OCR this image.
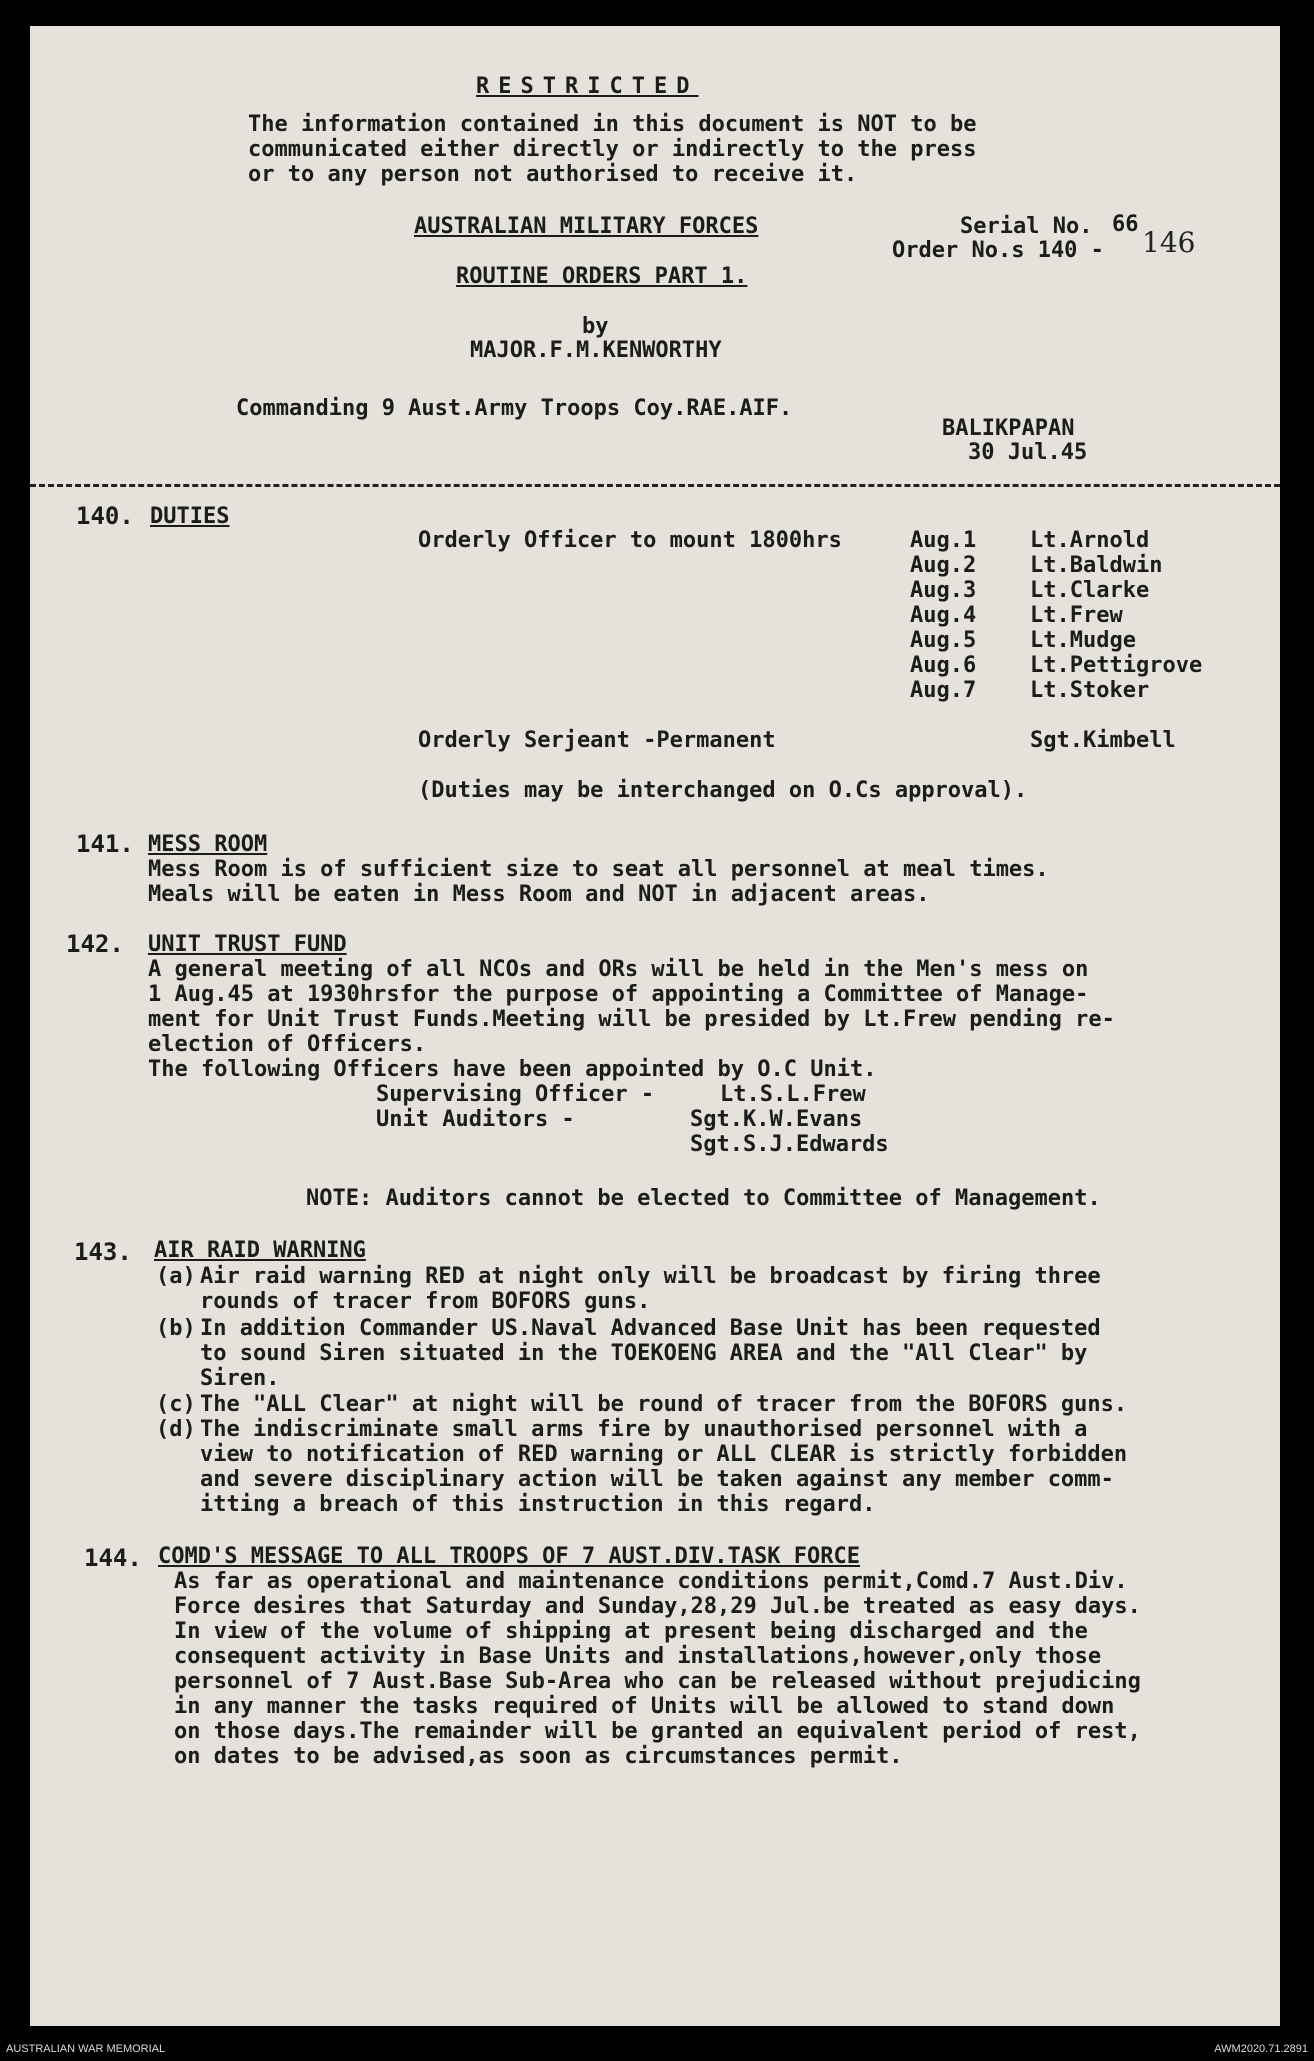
RESTRICTED
The information contained in this document is NOT to be
communicated either directly or indirectly to the press
or to any person not authorised to receive it.
AUSTRALIAN MILITARY FORCES	Serial No. 66
Order No.s 140 - 146
ROUTINE ORDERS PART 1.
by
MAJOR.F.M.KENWORTHY
Commanding 9 Aust.Army Troops Coy.RAE.AIF.
BALIKPAPAN
30 Jul.45
140. DUTIES
Orderly Officer to mount 1800hrs	Aug.1 Lt.Arnold
Aug.2 Lt.Baldwin
Aug.3 Lt.Clarke
Aug.4 Lt.Frew
Aug.5 Lt.Mudge
Aug.6 Lt.Pettigrove
Aug.7 Lt.Stoker
Orderly Serjeant -Permanent	Sgt.Kimbell
(Duties may be interchanged on O.Cs approval).
141. MESS ROOM
Mess Room is of sufficient size to seat all personnel at meal times.
Meals will be eaten in Mess Room and NOT in adjacent areas.
142. UNIT TRUST FUND
A general meeting of all NCOs and ORs will be held in the Men's mess on
1 Aug.45 at 1930hrsfor the purpose of appointing a Committee of Manage-
ment for Unit Trust Funds.Meeting will be presided by Lt.Frew pending re-
election of Officers.
The following Officers have been appointed by O.C Unit.
Supervising Officer -	Lt.S.L.Frew
Unit Auditors -	Sgt.K.W.Evans
Sgt.S.J.Edwards
NOTE: Auditors cannot be elected to Committee of Management.
143. AIR RAID WARNING
(a) Air raid warning RED at night only will be broadcast by firing three
rounds of tracer from BOFORS guns.
(b) In addition Commander US.Naval Advanced Base Unit has been requested
to sound Siren situated in the TOEKOENG AREA and the "All Clear" by
Siren.
(c) The "ALL Clear" at night will be round of tracer from the BOFORS guns.
(d) The indiscriminate small arms fire by unauthorised personnel with a
view to notification of RED warning or ALL CLEAR is strictly forbidden
and severe disciplinary action will be taken against any member comm-
itting a breach of this instruction in this regard.
144. COMD'S MESSAGE TO ALL TROOPS OF 7 AUST.DIV.TASK FORCE
As far as operational and maintenance conditions permit,Comd.7 Aust.Div.
Force desires that Saturday and Sunday,28,29 Jul.be treated as easy days.
In view of the volume of shipping at present being discharged and the
consequent activity in Base Units and installations,however,only those
personnel of 7 Aust.Base Sub-Area who can be released without prejudicing
in any manner the tasks required of Units will be allowed to stand down
on those days.The remainder will be granted an equivalent period of rest,
on dates to be advised,as soon as circumstances permit.
AUSTRALIAN WAR MEMORIAL	AWM2020.71.2891
